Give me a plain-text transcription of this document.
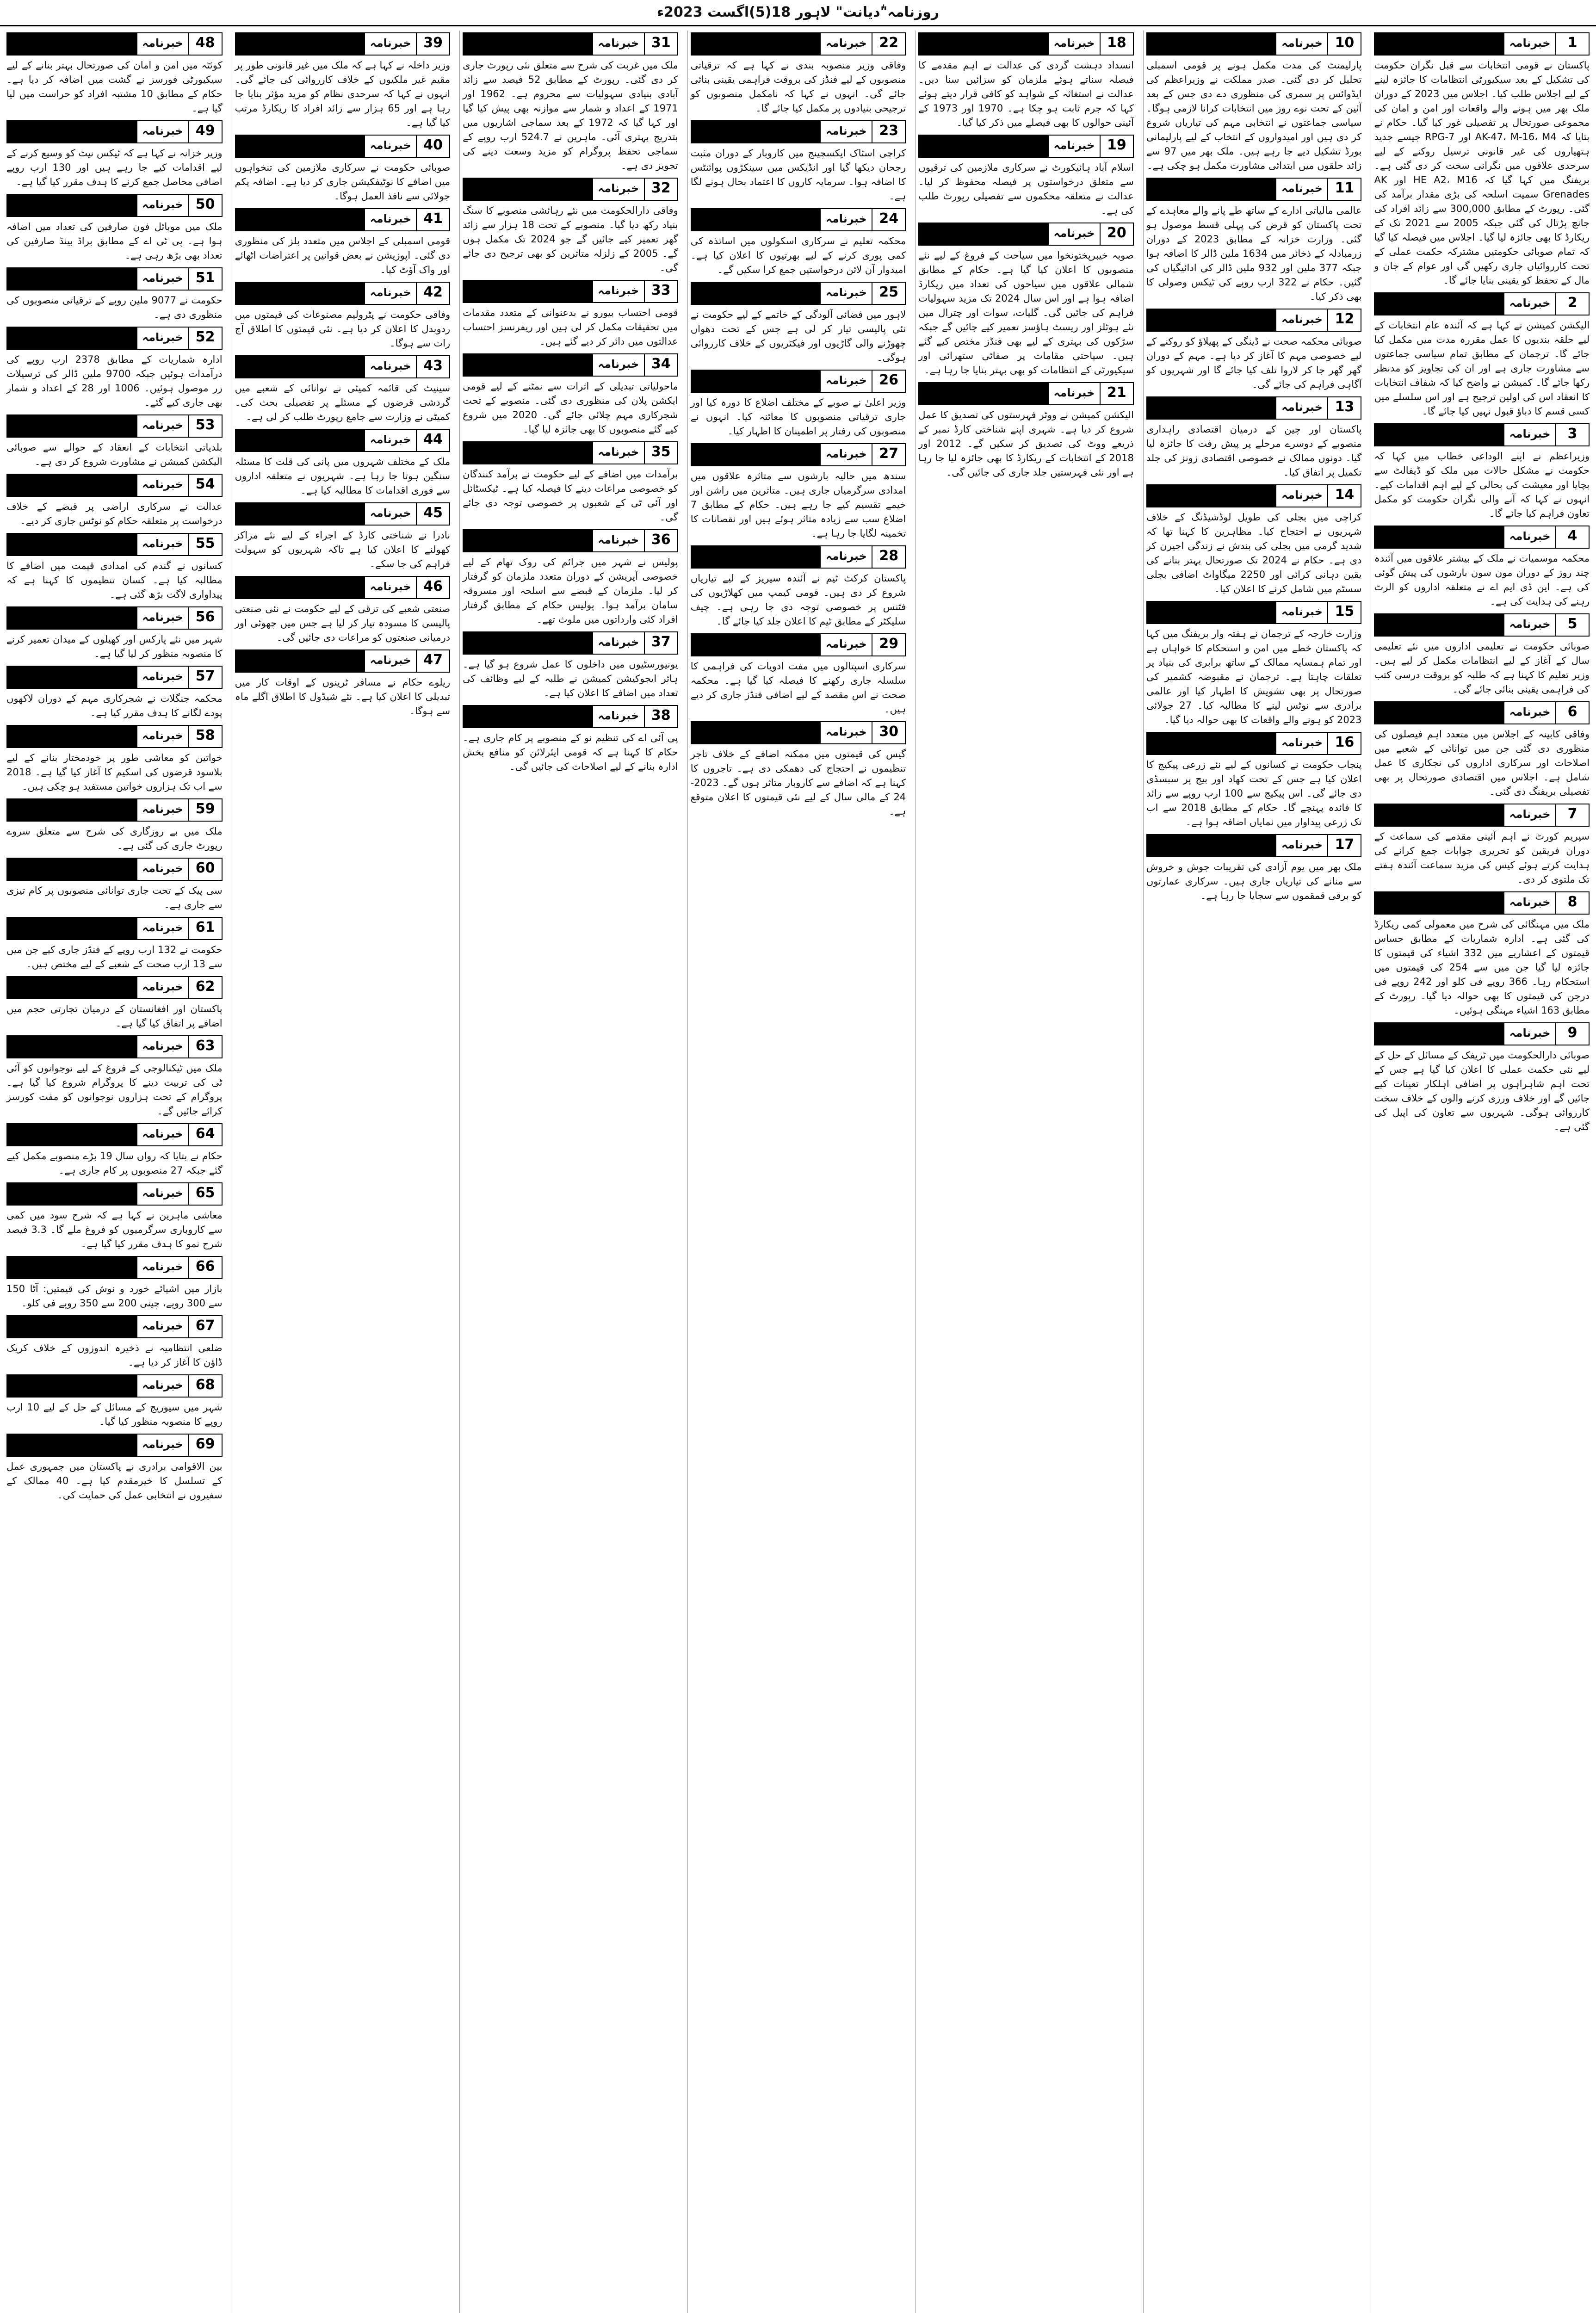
روزنامہ"ٰدیانت" لاہور 18(5)اگست 2023ء
1
خبرنامہ

پاکستان نے قومی انتخابات سے قبل نگران حکومت کی تشکیل کے بعد سیکیورٹی انتظامات کا جائزہ لینے کے لیے اجلاس طلب کیا۔ اجلاس میں 2023 کے دوران ملک بھر میں ہونے والے واقعات اور امن و امان کی مجموعی صورتحال پر تفصیلی غور کیا گیا۔ حکام نے بتایا کہ AK-47، M-16، M4 اور RPG-7 جیسے جدید ہتھیاروں کی غیر قانونی ترسیل روکنے کے لیے سرحدی علاقوں میں نگرانی سخت کر دی گئی ہے۔ بریفنگ میں کہا گیا کہ HE A2، M16 اور AK Grenades سمیت اسلحہ کی بڑی مقدار برآمد کی گئی۔ رپورٹ کے مطابق 300,000 سے زائد افراد کی جانچ پڑتال کی گئی جبکہ 2005 سے 2021 تک کے ریکارڈ کا بھی جائزہ لیا گیا۔ اجلاس میں فیصلہ کیا گیا کہ تمام صوبائی حکومتیں مشترکہ حکمت عملی کے تحت کارروائیاں جاری رکھیں گی اور عوام کے جان و مال کے تحفظ کو یقینی بنایا جائے گا۔

2
خبرنامہ

الیکشن کمیشن نے کہا ہے کہ آئندہ عام انتخابات کے لیے حلقہ بندیوں کا عمل مقررہ مدت میں مکمل کیا جائے گا۔ ترجمان کے مطابق تمام سیاسی جماعتوں سے مشاورت جاری ہے اور ان کی تجاویز کو مدنظر رکھا جائے گا۔ کمیشن نے واضح کیا کہ شفاف انتخابات کا انعقاد اس کی اولین ترجیح ہے اور اس سلسلے میں کسی قسم کا دباؤ قبول نہیں کیا جائے گا۔

3
خبرنامہ

وزیراعظم نے اپنے الوداعی خطاب میں کہا کہ حکومت نے مشکل حالات میں ملک کو ڈیفالٹ سے بچایا اور معیشت کی بحالی کے لیے اہم اقدامات کیے۔ انہوں نے کہا کہ آنے والی نگران حکومت کو مکمل تعاون فراہم کیا جائے گا۔

4
خبرنامہ

محکمہ موسمیات نے ملک کے بیشتر علاقوں میں آئندہ چند روز کے دوران مون سون بارشوں کی پیش گوئی کی ہے۔ این ڈی ایم اے نے متعلقہ اداروں کو الرٹ رہنے کی ہدایت کی ہے۔

5
خبرنامہ

صوبائی حکومت نے تعلیمی اداروں میں نئے تعلیمی سال کے آغاز کے لیے انتظامات مکمل کر لیے ہیں۔ وزیر تعلیم کا کہنا ہے کہ طلبہ کو بروقت درسی کتب کی فراہمی یقینی بنائی جائے گی۔

6
خبرنامہ

وفاقی کابینہ کے اجلاس میں متعدد اہم فیصلوں کی منظوری دی گئی جن میں توانائی کے شعبے میں اصلاحات اور سرکاری اداروں کی نجکاری کا عمل شامل ہے۔ اجلاس میں اقتصادی صورتحال پر بھی تفصیلی بریفنگ دی گئی۔

7
خبرنامہ

سپریم کورٹ نے اہم آئینی مقدمے کی سماعت کے دوران فریقین کو تحریری جوابات جمع کرانے کی ہدایت کرتے ہوئے کیس کی مزید سماعت آئندہ ہفتے تک ملتوی کر دی۔

8
خبرنامہ

ملک میں مہنگائی کی شرح میں معمولی کمی ریکارڈ کی گئی ہے۔ ادارہ شماریات کے مطابق حساس قیمتوں کے اعشاریے میں 332 اشیاء کی قیمتوں کا جائزہ لیا گیا جن میں سے 254 کی قیمتوں میں استحکام رہا۔ 366 روپے فی کلو اور 242 روپے فی درجن کی قیمتوں کا بھی حوالہ دیا گیا۔ رپورٹ کے مطابق 163 اشیاء مہنگی ہوئیں۔

9
خبرنامہ

صوبائی دارالحکومت میں ٹریفک کے مسائل کے حل کے لیے نئی حکمت عملی کا اعلان کیا گیا ہے جس کے تحت اہم شاہراہوں پر اضافی اہلکار تعینات کیے جائیں گے اور خلاف ورزی کرنے والوں کے خلاف سخت کارروائی ہوگی۔ شہریوں سے تعاون کی اپیل کی گئی ہے۔

10
خبرنامہ

پارلیمنٹ کی مدت مکمل ہونے پر قومی اسمبلی تحلیل کر دی گئی۔ صدر مملکت نے وزیراعظم کی ایڈوائس پر سمری کی منظوری دے دی جس کے بعد آئین کے تحت نوے روز میں انتخابات کرانا لازمی ہوگا۔ سیاسی جماعتوں نے انتخابی مہم کی تیاریاں شروع کر دی ہیں اور امیدواروں کے انتخاب کے لیے پارلیمانی بورڈ تشکیل دیے جا رہے ہیں۔ ملک بھر میں 97 سے زائد حلقوں میں ابتدائی مشاورت مکمل ہو چکی ہے۔

11
خبرنامہ

عالمی مالیاتی ادارے کے ساتھ طے پانے والے معاہدے کے تحت پاکستان کو قرض کی پہلی قسط موصول ہو گئی۔ وزارت خزانہ کے مطابق 2023 کے دوران زرمبادلہ کے ذخائر میں 1634 ملین ڈالر کا اضافہ ہوا جبکہ 377 ملین اور 932 ملین ڈالر کی ادائیگیاں کی گئیں۔ حکام نے 322 ارب روپے کی ٹیکس وصولی کا بھی ذکر کیا۔

12
خبرنامہ

صوبائی محکمہ صحت نے ڈینگی کے پھیلاؤ کو روکنے کے لیے خصوصی مہم کا آغاز کر دیا ہے۔ مہم کے دوران گھر گھر جا کر لاروا تلف کیا جائے گا اور شہریوں کو آگاہی فراہم کی جائے گی۔

13
خبرنامہ

پاکستان اور چین کے درمیان اقتصادی راہداری منصوبے کے دوسرے مرحلے پر پیش رفت کا جائزہ لیا گیا۔ دونوں ممالک نے خصوصی اقتصادی زونز کی جلد تکمیل پر اتفاق کیا۔

14
خبرنامہ

کراچی میں بجلی کی طویل لوڈشیڈنگ کے خلاف شہریوں نے احتجاج کیا۔ مظاہرین کا کہنا تھا کہ شدید گرمی میں بجلی کی بندش نے زندگی اجیرن کر دی ہے۔ حکام نے 2024 تک صورتحال بہتر بنانے کی یقین دہانی کرائی اور 2250 میگاواٹ اضافی بجلی سسٹم میں شامل کرنے کا اعلان کیا۔

15
خبرنامہ

وزارت خارجہ کے ترجمان نے ہفتہ وار بریفنگ میں کہا کہ پاکستان خطے میں امن و استحکام کا خواہاں ہے اور تمام ہمسایہ ممالک کے ساتھ برابری کی بنیاد پر تعلقات چاہتا ہے۔ ترجمان نے مقبوضہ کشمیر کی صورتحال پر بھی تشویش کا اظہار کیا اور عالمی برادری سے نوٹس لینے کا مطالبہ کیا۔ 27 جولائی 2023 کو ہونے والے واقعات کا بھی حوالہ دیا گیا۔

16
خبرنامہ

پنجاب حکومت نے کسانوں کے لیے نئے زرعی پیکیج کا اعلان کیا ہے جس کے تحت کھاد اور بیج پر سبسڈی دی جائے گی۔ اس پیکیج سے 100 ارب روپے سے زائد کا فائدہ پہنچے گا۔ حکام کے مطابق 2018 سے اب تک زرعی پیداوار میں نمایاں اضافہ ہوا ہے۔

17
خبرنامہ

ملک بھر میں یوم آزادی کی تقریبات جوش و خروش سے منانے کی تیاریاں جاری ہیں۔ سرکاری عمارتوں کو برقی قمقموں سے سجایا جا رہا ہے۔

18
خبرنامہ

انسداد دہشت گردی کی عدالت نے اہم مقدمے کا فیصلہ سناتے ہوئے ملزمان کو سزائیں سنا دیں۔ عدالت نے استغاثہ کے شواہد کو کافی قرار دیتے ہوئے کہا کہ جرم ثابت ہو چکا ہے۔ 1970 اور 1973 کے آئینی حوالوں کا بھی فیصلے میں ذکر کیا گیا۔

19
خبرنامہ

اسلام آباد ہائیکورٹ نے سرکاری ملازمین کی ترقیوں سے متعلق درخواستوں پر فیصلہ محفوظ کر لیا۔ عدالت نے متعلقہ محکموں سے تفصیلی رپورٹ طلب کی ہے۔

20
خبرنامہ

صوبہ خیبرپختونخوا میں سیاحت کے فروغ کے لیے نئے منصوبوں کا اعلان کیا گیا ہے۔ حکام کے مطابق شمالی علاقوں میں سیاحوں کی تعداد میں ریکارڈ اضافہ ہوا ہے اور اس سال 2024 تک مزید سہولیات فراہم کی جائیں گی۔ گلیات، سوات اور چترال میں نئے ہوٹلز اور ریسٹ ہاؤسز تعمیر کیے جائیں گے جبکہ سڑکوں کی بہتری کے لیے بھی فنڈز مختص کیے گئے ہیں۔ سیاحتی مقامات پر صفائی ستھرائی اور سیکیورٹی کے انتظامات کو بھی بہتر بنایا جا رہا ہے۔

21
خبرنامہ

الیکشن کمیشن نے ووٹر فہرستوں کی تصدیق کا عمل شروع کر دیا ہے۔ شہری اپنے شناختی کارڈ نمبر کے ذریعے ووٹ کی تصدیق کر سکیں گے۔ 2012 اور 2018 کے انتخابات کے ریکارڈ کا بھی جائزہ لیا جا رہا ہے اور نئی فہرستیں جلد جاری کی جائیں گی۔

22
خبرنامہ

وفاقی وزیر منصوبہ بندی نے کہا ہے کہ ترقیاتی منصوبوں کے لیے فنڈز کی بروقت فراہمی یقینی بنائی جائے گی۔ انہوں نے کہا کہ نامکمل منصوبوں کو ترجیحی بنیادوں پر مکمل کیا جائے گا۔

23
خبرنامہ

کراچی اسٹاک ایکسچینج میں کاروبار کے دوران مثبت رجحان دیکھا گیا اور انڈیکس میں سینکڑوں پوائنٹس کا اضافہ ہوا۔ سرمایہ کاروں کا اعتماد بحال ہونے لگا ہے۔

24
خبرنامہ

محکمہ تعلیم نے سرکاری اسکولوں میں اساتذہ کی کمی پوری کرنے کے لیے بھرتیوں کا اعلان کیا ہے۔ امیدوار آن لائن درخواستیں جمع کرا سکیں گے۔

25
خبرنامہ

لاہور میں فضائی آلودگی کے خاتمے کے لیے حکومت نے نئی پالیسی تیار کر لی ہے جس کے تحت دھواں چھوڑنے والی گاڑیوں اور فیکٹریوں کے خلاف کارروائی ہوگی۔

26
خبرنامہ

وزیر اعلیٰ نے صوبے کے مختلف اضلاع کا دورہ کیا اور جاری ترقیاتی منصوبوں کا معائنہ کیا۔ انہوں نے منصوبوں کی رفتار پر اطمینان کا اظہار کیا۔

27
خبرنامہ

سندھ میں حالیہ بارشوں سے متاثرہ علاقوں میں امدادی سرگرمیاں جاری ہیں۔ متاثرین میں راشن اور خیمے تقسیم کیے جا رہے ہیں۔ حکام کے مطابق 7 اضلاع سب سے زیادہ متاثر ہوئے ہیں اور نقصانات کا تخمینہ لگایا جا رہا ہے۔

28
خبرنامہ

پاکستان کرکٹ ٹیم نے آئندہ سیریز کے لیے تیاریاں شروع کر دی ہیں۔ قومی کیمپ میں کھلاڑیوں کی فٹنس پر خصوصی توجہ دی جا رہی ہے۔ چیف سلیکٹر کے مطابق ٹیم کا اعلان جلد کیا جائے گا۔

29
خبرنامہ

سرکاری اسپتالوں میں مفت ادویات کی فراہمی کا سلسلہ جاری رکھنے کا فیصلہ کیا گیا ہے۔ محکمہ صحت نے اس مقصد کے لیے اضافی فنڈز جاری کر دیے ہیں۔

30
خبرنامہ

گیس کی قیمتوں میں ممکنہ اضافے کے خلاف تاجر تنظیموں نے احتجاج کی دھمکی دی ہے۔ تاجروں کا کہنا ہے کہ اضافے سے کاروبار متاثر ہوں گے۔ 2023-24 کے مالی سال کے لیے نئی قیمتوں کا اعلان متوقع ہے۔

31
خبرنامہ

ملک میں غربت کی شرح سے متعلق نئی رپورٹ جاری کر دی گئی۔ رپورٹ کے مطابق 52 فیصد سے زائد آبادی بنیادی سہولیات سے محروم ہے۔ 1962 اور 1971 کے اعداد و شمار سے موازنہ بھی پیش کیا گیا اور کہا گیا کہ 1972 کے بعد سماجی اشاریوں میں بتدریج بہتری آئی۔ ماہرین نے 524.7 ارب روپے کے سماجی تحفظ پروگرام کو مزید وسعت دینے کی تجویز دی ہے۔

32
خبرنامہ

وفاقی دارالحکومت میں نئے رہائشی منصوبے کا سنگ بنیاد رکھ دیا گیا۔ منصوبے کے تحت 18 ہزار سے زائد گھر تعمیر کیے جائیں گے جو 2024 تک مکمل ہوں گے۔ 2005 کے زلزلہ متاثرین کو بھی ترجیح دی جائے گی۔

33
خبرنامہ

قومی احتساب بیورو نے بدعنوانی کے متعدد مقدمات میں تحقیقات مکمل کر لی ہیں اور ریفرنسز احتساب عدالتوں میں دائر کر دیے گئے ہیں۔

34
خبرنامہ

ماحولیاتی تبدیلی کے اثرات سے نمٹنے کے لیے قومی ایکشن پلان کی منظوری دی گئی۔ منصوبے کے تحت شجرکاری مہم چلائی جائے گی۔ 2020 میں شروع کیے گئے منصوبوں کا بھی جائزہ لیا گیا۔

35
خبرنامہ

برآمدات میں اضافے کے لیے حکومت نے برآمد کنندگان کو خصوصی مراعات دینے کا فیصلہ کیا ہے۔ ٹیکسٹائل اور آئی ٹی کے شعبوں پر خصوصی توجہ دی جائے گی۔

36
خبرنامہ

پولیس نے شہر میں جرائم کی روک تھام کے لیے خصوصی آپریشن کے دوران متعدد ملزمان کو گرفتار کر لیا۔ ملزمان کے قبضے سے اسلحہ اور مسروقہ سامان برآمد ہوا۔ پولیس حکام کے مطابق گرفتار افراد کئی وارداتوں میں ملوث تھے۔

37
خبرنامہ

یونیورسٹیوں میں داخلوں کا عمل شروع ہو گیا ہے۔ ہائر ایجوکیشن کمیشن نے طلبہ کے لیے وظائف کی تعداد میں اضافے کا اعلان کیا ہے۔

38
خبرنامہ

پی آئی اے کی تنظیم نو کے منصوبے پر کام جاری ہے۔ حکام کا کہنا ہے کہ قومی ایئرلائن کو منافع بخش ادارہ بنانے کے لیے اصلاحات کی جائیں گی۔

39
خبرنامہ

وزیر داخلہ نے کہا ہے کہ ملک میں غیر قانونی طور پر مقیم غیر ملکیوں کے خلاف کارروائی کی جائے گی۔ انہوں نے کہا کہ سرحدی نظام کو مزید مؤثر بنایا جا رہا ہے اور 65 ہزار سے زائد افراد کا ریکارڈ مرتب کیا گیا ہے۔

40
خبرنامہ

صوبائی حکومت نے سرکاری ملازمین کی تنخواہوں میں اضافے کا نوٹیفکیشن جاری کر دیا ہے۔ اضافہ یکم جولائی سے نافذ العمل ہوگا۔

41
خبرنامہ

قومی اسمبلی کے اجلاس میں متعدد بلز کی منظوری دی گئی۔ اپوزیشن نے بعض قوانین پر اعتراضات اٹھائے اور واک آؤٹ کیا۔

42
خبرنامہ

وفاقی حکومت نے پٹرولیم مصنوعات کی قیمتوں میں ردوبدل کا اعلان کر دیا ہے۔ نئی قیمتوں کا اطلاق آج رات سے ہوگا۔

43
خبرنامہ

سینیٹ کی قائمہ کمیٹی نے توانائی کے شعبے میں گردشی قرضوں کے مسئلے پر تفصیلی بحث کی۔ کمیٹی نے وزارت سے جامع رپورٹ طلب کر لی ہے۔

44
خبرنامہ

ملک کے مختلف شہروں میں پانی کی قلت کا مسئلہ سنگین ہوتا جا رہا ہے۔ شہریوں نے متعلقہ اداروں سے فوری اقدامات کا مطالبہ کیا ہے۔

45
خبرنامہ

نادرا نے شناختی کارڈ کے اجراء کے لیے نئے مراکز کھولنے کا اعلان کیا ہے تاکہ شہریوں کو سہولت فراہم کی جا سکے۔

46
خبرنامہ

صنعتی شعبے کی ترقی کے لیے حکومت نے نئی صنعتی پالیسی کا مسودہ تیار کر لیا ہے جس میں چھوٹی اور درمیانی صنعتوں کو مراعات دی جائیں گی۔

47
خبرنامہ

ریلوے حکام نے مسافر ٹرینوں کے اوقات کار میں تبدیلی کا اعلان کیا ہے۔ نئے شیڈول کا اطلاق اگلے ماہ سے ہوگا۔

48
خبرنامہ

کوئٹہ میں امن و امان کی صورتحال بہتر بنانے کے لیے سیکیورٹی فورسز نے گشت میں اضافہ کر دیا ہے۔ حکام کے مطابق 10 مشتبہ افراد کو حراست میں لیا گیا ہے۔

49
خبرنامہ

وزیر خزانہ نے کہا ہے کہ ٹیکس نیٹ کو وسیع کرنے کے لیے اقدامات کیے جا رہے ہیں اور 130 ارب روپے اضافی محاصل جمع کرنے کا ہدف مقرر کیا گیا ہے۔

50
خبرنامہ

ملک میں موبائل فون صارفین کی تعداد میں اضافہ ہوا ہے۔ پی ٹی اے کے مطابق براڈ بینڈ صارفین کی تعداد بھی بڑھ رہی ہے۔

51
خبرنامہ

حکومت نے 9077 ملین روپے کے ترقیاتی منصوبوں کی منظوری دی ہے۔

52
خبرنامہ

ادارہ شماریات کے مطابق 2378 ارب روپے کی درآمدات ہوئیں جبکہ 9700 ملین ڈالر کی ترسیلات زر موصول ہوئیں۔ 1006 اور 28 کے اعداد و شمار بھی جاری کیے گئے۔

53
خبرنامہ

بلدیاتی انتخابات کے انعقاد کے حوالے سے صوبائی الیکشن کمیشن نے مشاورت شروع کر دی ہے۔

54
خبرنامہ

عدالت نے سرکاری اراضی پر قبضے کے خلاف درخواست پر متعلقہ حکام کو نوٹس جاری کر دیے۔

55
خبرنامہ

کسانوں نے گندم کی امدادی قیمت میں اضافے کا مطالبہ کیا ہے۔ کسان تنظیموں کا کہنا ہے کہ پیداواری لاگت بڑھ گئی ہے۔

56
خبرنامہ

شہر میں نئے پارکس اور کھیلوں کے میدان تعمیر کرنے کا منصوبہ منظور کر لیا گیا ہے۔

57
خبرنامہ

محکمہ جنگلات نے شجرکاری مہم کے دوران لاکھوں پودے لگانے کا ہدف مقرر کیا ہے۔

58
خبرنامہ

خواتین کو معاشی طور پر خودمختار بنانے کے لیے بلاسود قرضوں کی اسکیم کا آغاز کیا گیا ہے۔ 2018 سے اب تک ہزاروں خواتین مستفید ہو چکی ہیں۔

59
خبرنامہ

ملک میں بے روزگاری کی شرح سے متعلق سروے رپورٹ جاری کی گئی ہے۔

60
خبرنامہ

سی پیک کے تحت جاری توانائی منصوبوں پر کام تیزی سے جاری ہے۔

61
خبرنامہ

حکومت نے 132 ارب روپے کے فنڈز جاری کیے جن میں سے 13 ارب صحت کے شعبے کے لیے مختص ہیں۔

62
خبرنامہ

پاکستان اور افغانستان کے درمیان تجارتی حجم میں اضافے پر اتفاق کیا گیا ہے۔

63
خبرنامہ

ملک میں ٹیکنالوجی کے فروغ کے لیے نوجوانوں کو آئی ٹی کی تربیت دینے کا پروگرام شروع کیا گیا ہے۔ پروگرام کے تحت ہزاروں نوجوانوں کو مفت کورسز کرائے جائیں گے۔

64
خبرنامہ

حکام نے بتایا کہ رواں سال 19 بڑے منصوبے مکمل کیے گئے جبکہ 27 منصوبوں پر کام جاری ہے۔

65
خبرنامہ

معاشی ماہرین نے کہا ہے کہ شرح سود میں کمی سے کاروباری سرگرمیوں کو فروغ ملے گا۔ 3.3 فیصد شرح نمو کا ہدف مقرر کیا گیا ہے۔

66
خبرنامہ

بازار میں اشیائے خورد و نوش کی قیمتیں: آٹا 150 سے 300 روپے، چینی 200 سے 350 روپے فی کلو۔

67
خبرنامہ

ضلعی انتظامیہ نے ذخیرہ اندوزوں کے خلاف کریک ڈاؤن کا آغاز کر دیا ہے۔

68
خبرنامہ

شہر میں سیوریج کے مسائل کے حل کے لیے 10 ارب روپے کا منصوبہ منظور کیا گیا۔

69
خبرنامہ

بین الاقوامی برادری نے پاکستان میں جمہوری عمل کے تسلسل کا خیرمقدم کیا ہے۔ 40 ممالک کے سفیروں نے انتخابی عمل کی حمایت کی۔
